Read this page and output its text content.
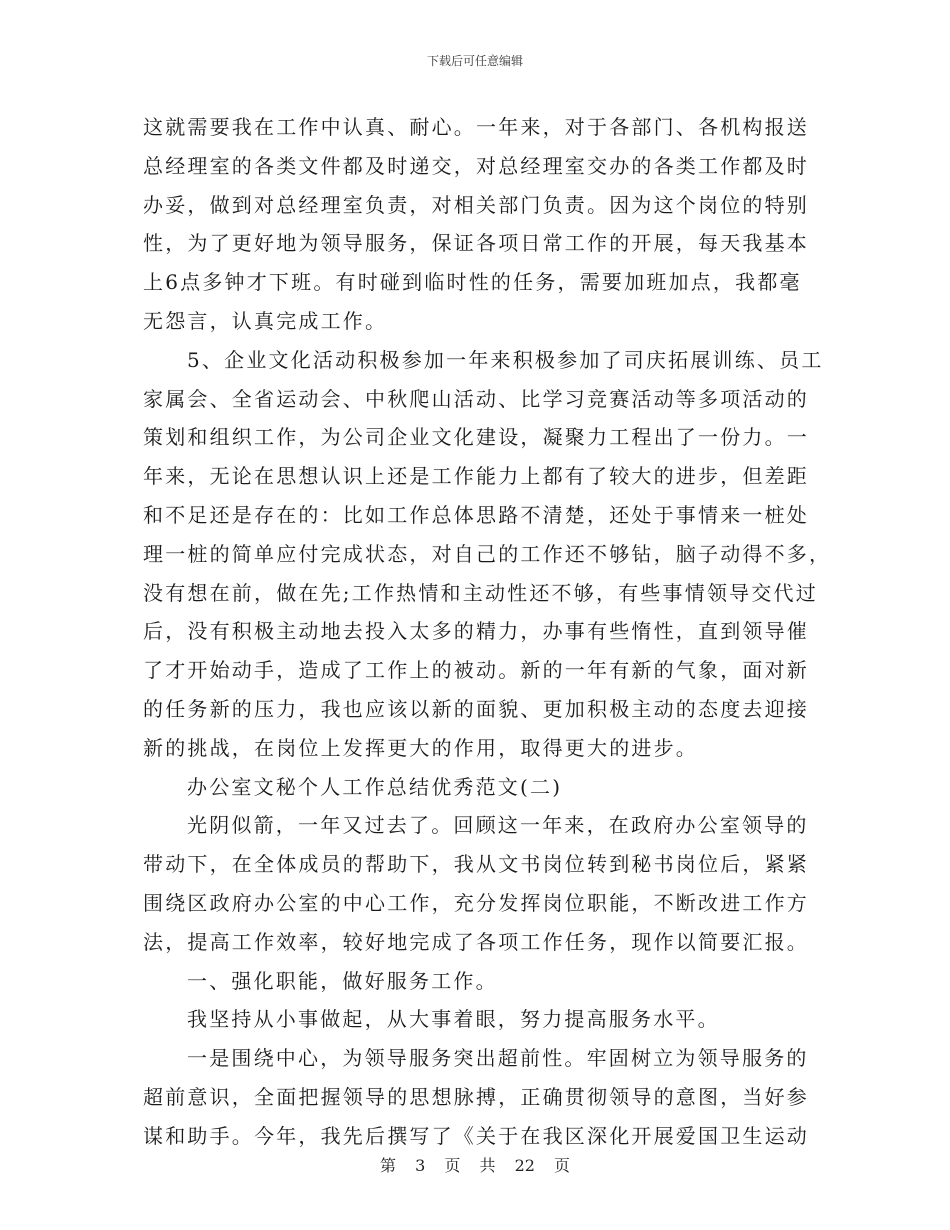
下载后可任意编辑
这就需要我在工作中认真、耐心。一年来，对于各部门、各机构报送
总经理室的各类文件都及时递交，对总经理室交办的各类工作都及时
办妥，做到对总经理室负责，对相关部门负责。因为这个岗位的特别
性，为了更好地为领导服务，保证各项日常工作的开展，每天我基本
上6点多钟才下班。有时碰到临时性的任务，需要加班加点，我都毫
无怨言，认真完成工作。
5、企业文化活动积极参加一年来积极参加了司庆拓展训练、员工
家属会、全省运动会、中秋爬山活动、比学习竞赛活动等多项活动的
策划和组织工作，为公司企业文化建设，凝聚力工程出了一份力。一
年来，无论在思想认识上还是工作能力上都有了较大的进步，但差距
和不足还是存在的：比如工作总体思路不清楚，还处于事情来一桩处
理一桩的简单应付完成状态，对自己的工作还不够钻，脑子动得不多，
没有想在前，做在先;工作热情和主动性还不够，有些事情领导交代过
后，没有积极主动地去投入太多的精力，办事有些惰性，直到领导催
了才开始动手，造成了工作上的被动。新的一年有新的气象，面对新
的任务新的压力，我也应该以新的面貌、更加积极主动的态度去迎接
新的挑战，在岗位上发挥更大的作用，取得更大的进步。
办公室文秘个人工作总结优秀范文(二)
光阴似箭，一年又过去了。回顾这一年来，在政府办公室领导的
带动下，在全体成员的帮助下，我从文书岗位转到秘书岗位后，紧紧
围绕区政府办公室的中心工作，充分发挥岗位职能，不断改进工作方
法，提高工作效率，较好地完成了各项工作任务，现作以简要汇报。
一、强化职能，做好服务工作。
我坚持从小事做起，从大事着眼，努力提高服务水平。
一是围绕中心，为领导服务突出超前性。牢固树立为领导服务的
超前意识，全面把握领导的思想脉搏，正确贯彻领导的意图，当好参
谋和助手。今年，我先后撰写了《关于在我区深化开展爱国卫生运动
第 3 页 共 22 页
